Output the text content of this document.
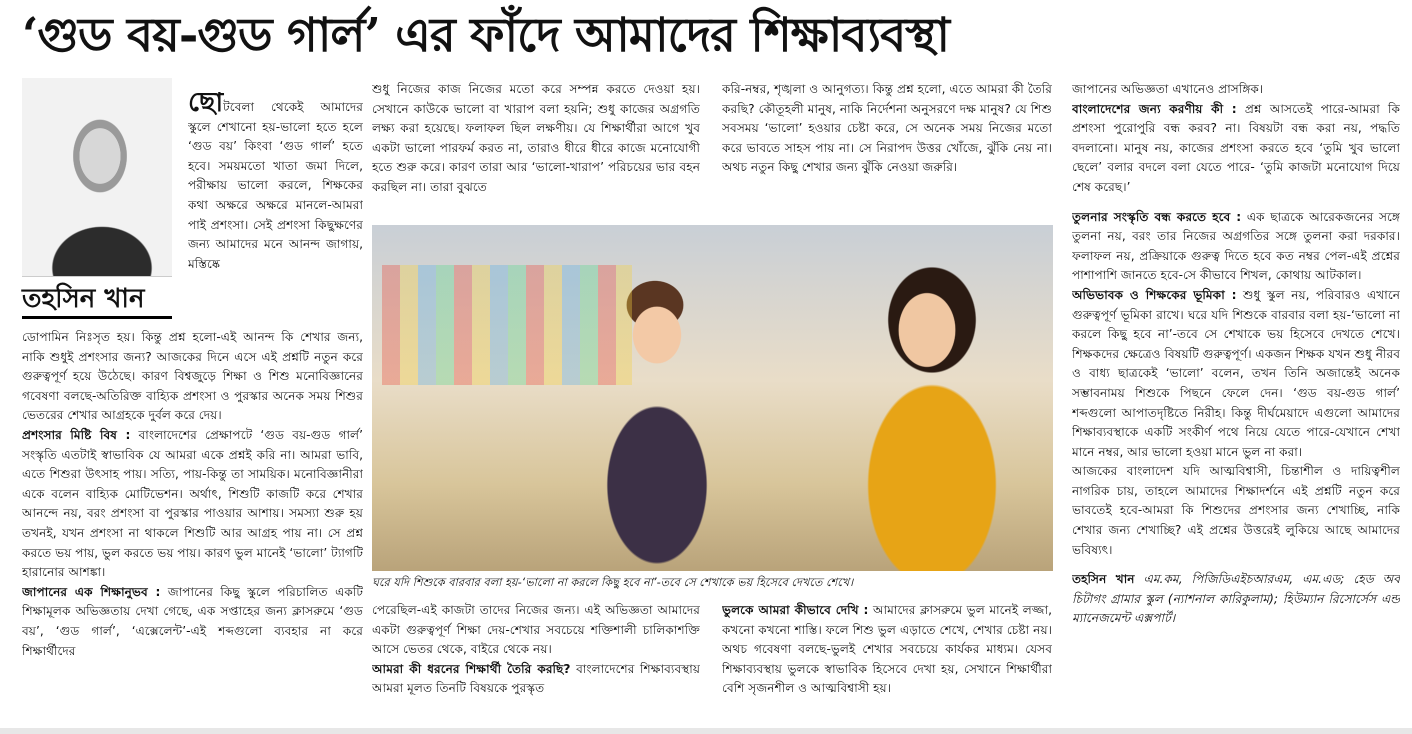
‘গুড বয়-গুড গার্ল’ এর ফাঁদে আমাদের শিক্ষাব্যবস্থা
তহসিন খান

ছোটবেলা থেকেই আমাদের স্কুলে শেখানো হয়-ভালো হতে হলে ‘গুড বয়’ কিংবা ‘গুড গার্ল’ হতে হবে। সময়মতো খাতা জমা দিলে, পরীক্ষায় ভালো করলে, শিক্ষকের কথা অক্ষরে অক্ষরে মানলে-আমরা পাই প্রশংসা। সেই প্রশংসা কিছুক্ষণের জন্য আমাদের মনে আনন্দ জাগায়, মস্তিষ্কে

ডোপামিন নিঃসৃত হয়। কিন্তু প্রশ্ন হলো-এই আনন্দ কি শেখার জন্য, নাকি শুধুই প্রশংসার জন্য? আজকের দিনে এসে এই প্রশ্নটি নতুন করে গুরুত্বপূর্ণ হয়ে উঠেছে। কারণ বিশ্বজুড়ে শিক্ষা ও শিশু মনোবিজ্ঞানের গবেষণা বলছে-অতিরিক্ত বাহ্যিক প্রশংসা ও পুরস্কার অনেক সময় শিশুর ভেতরের শেখার আগ্রহকে দুর্বল করে দেয়।

প্রশংসার মিষ্টি বিষ : বাংলাদেশের প্রেক্ষাপটে ‘গুড বয়-গুড গার্ল’ সংস্কৃতি এতটাই স্বাভাবিক যে আমরা একে প্রশ্নই করি না। আমরা ভাবি, এতে শিশুরা উৎসাহ পায়। সত্যি, পায়-কিন্তু তা সাময়িক। মনোবিজ্ঞানীরা একে বলেন বাহ্যিক মোটিভেশন। অর্থাৎ, শিশুটি কাজটি করে শেখার আনন্দে নয়, বরং প্রশংসা বা পুরস্কার পাওয়ার আশায়। সমস্যা শুরু হয় তখনই, যখন প্রশংসা না থাকলে শিশুটি আর আগ্রহ পায় না। সে প্রশ্ন করতে ভয় পায়, ভুল করতে ভয় পায়। কারণ ভুল মানেই ‘ভালো’ ট্যাগটি হারানোর আশঙ্কা।

জাপানের এক শিক্ষানুভব : জাপানের কিছু স্কুলে পরিচালিত একটি শিক্ষামূলক অভিজ্ঞতায় দেখা গেছে, এক সপ্তাহের জন্য ক্লাসরুমে ‘গুড বয়’, ‘গুড গার্ল’, ‘এক্সেলেন্ট’-এই শব্দগুলো ব্যবহার না করে শিক্ষার্থীদের

শুধু নিজের কাজ নিজের মতো করে সম্পন্ন করতে দেওয়া হয়। সেখানে কাউকে ভালো বা খারাপ বলা হয়নি; শুধু কাজের অগ্রগতি লক্ষ্য করা হয়েছে। ফলাফল ছিল লক্ষণীয়। যে শিক্ষার্থীরা আগে খুব একটা ভালো পারফর্ম করত না, তারাও ধীরে ধীরে কাজে মনোযোগী হতে শুরু করে। কারণ তারা আর ‘ভালো-খারাপ’ পরিচয়ের ভার বহন করছিল না। তারা বুঝতে

করি-নম্বর, শৃঙ্খলা ও আনুগত্য। কিন্তু প্রশ্ন হলো, এতে আমরা কী তৈরি করছি? কৌতূহলী মানুষ, নাকি নির্দেশনা অনুসরণে দক্ষ মানুষ? যে শিশু সবসময় ‘ভালো’ হওয়ার চেষ্টা করে, সে অনেক সময় নিজের মতো করে ভাবতে সাহস পায় না। সে নিরাপদ উত্তর খোঁজে, ঝুঁকি নেয় না। অথচ নতুন কিছু শেখার জন্য ঝুঁকি নেওয়া জরুরি।

ঘরে যদি শিশুকে বারবার বলা হয়-‘ভালো না করলে কিছু হবে না’-তবে সে শেখাকে ভয় হিসেবে দেখতে শেখে।

পেরেছিল-এই কাজটা তাদের নিজের জন্য। এই অভিজ্ঞতা আমাদের একটা গুরুত্বপূর্ণ শিক্ষা দেয়-শেখার সবচেয়ে শক্তিশালী চালিকাশক্তি আসে ভেতর থেকে, বাইরে থেকে নয়।

আমরা কী ধরনের শিক্ষার্থী তৈরি করছি? বাংলাদেশের শিক্ষাব্যবস্থায় আমরা মূলত তিনটি বিষয়কে পুরস্কৃত

ভুলকে আমরা কীভাবে দেখি : আমাদের ক্লাসরুমে ভুল মানেই লজ্জা, কখনো কখনো শাস্তি। ফলে শিশু ভুল এড়াতে শেখে, শেখার চেষ্টা নয়। অথচ গবেষণা বলছে-ভুলই শেখার সবচেয়ে কার্যকর মাধ্যম। যেসব শিক্ষাব্যবস্থায় ভুলকে স্বাভাবিক হিসেবে দেখা হয়, সেখানে শিক্ষার্থীরা বেশি সৃজনশীল ও আত্মবিশ্বাসী হয়।

জাপানের অভিজ্ঞতা এখানেও প্রাসঙ্গিক।

বাংলাদেশের জন্য করণীয় কী : প্রশ্ন আসতেই পারে-আমরা কি প্রশংসা পুরোপুরি বন্ধ করব? না। বিষয়টা বন্ধ করা নয়, পদ্ধতি বদলানো। মানুষ নয়, কাজের প্রশংসা করতে হবে ‘তুমি খুব ভালো ছেলে’ বলার বদলে বলা যেতে পারে- ‘তুমি কাজটা মনোযোগ দিয়ে শেষ করেছ।’

তুলনার সংস্কৃতি বন্ধ করতে হবে : এক ছাত্রকে আরেকজনের সঙ্গে তুলনা নয়, বরং তার নিজের অগ্রগতির সঙ্গে তুলনা করা দরকার। ফলাফল নয়, প্রক্রিয়াকে গুরুত্ব দিতে হবে কত নম্বর পেল-এই প্রশ্নের পাশাপাশি জানতে হবে-সে কীভাবে শিখল, কোথায় আটকাল।

অভিভাবক ও শিক্ষকের ভূমিকা : শুধু স্কুল নয়, পরিবারও এখানে গুরুত্বপূর্ণ ভূমিকা রাখে। ঘরে যদি শিশুকে বারবার বলা হয়-‘ভালো না করলে কিছু হবে না’-তবে সে শেখাকে ভয় হিসেবে দেখতে শেখে। শিক্ষকদের ক্ষেত্রেও বিষয়টি গুরুত্বপূর্ণ। একজন শিক্ষক যখন শুধু নীরব ও বাধ্য ছাত্রকেই ‘ভালো’ বলেন, তখন তিনি অজান্তেই অনেক সম্ভাবনাময় শিশুকে পিছনে ফেলে দেন। ‘গুড বয়-গুড গার্ল’ শব্দগুলো আপাতদৃষ্টিতে নিরীহ। কিন্তু দীর্ঘমেয়াদে এগুলো আমাদের শিক্ষাব্যবস্থাকে একটি সংকীর্ণ পথে নিয়ে যেতে পারে-যেখানে শেখা মানে নম্বর, আর ভালো হওয়া মানে ভুল না করা।

আজকের বাংলাদেশ যদি আত্মবিশ্বাসী, চিন্তাশীল ও দায়িত্বশীল নাগরিক চায়, তাহলে আমাদের শিক্ষাদর্শনে এই প্রশ্নটি নতুন করে ভাবতেই হবে-আমরা কি শিশুদের প্রশংসার জন্য শেখাচ্ছি, নাকি শেখার জন্য শেখাচ্ছি? এই প্রশ্নের উত্তরেই লুকিয়ে আছে আমাদের ভবিষ্যৎ।

তহসিন খান এম.কম, পিজিডিএইচআরএম, এম.এড; হেড অব চিটাগং গ্রামার স্কুল (ন্যাশনাল কারিকুলাম); হিউম্যান রিসোর্সেস এন্ড ম্যানেজমেন্ট এক্সপার্ট।
